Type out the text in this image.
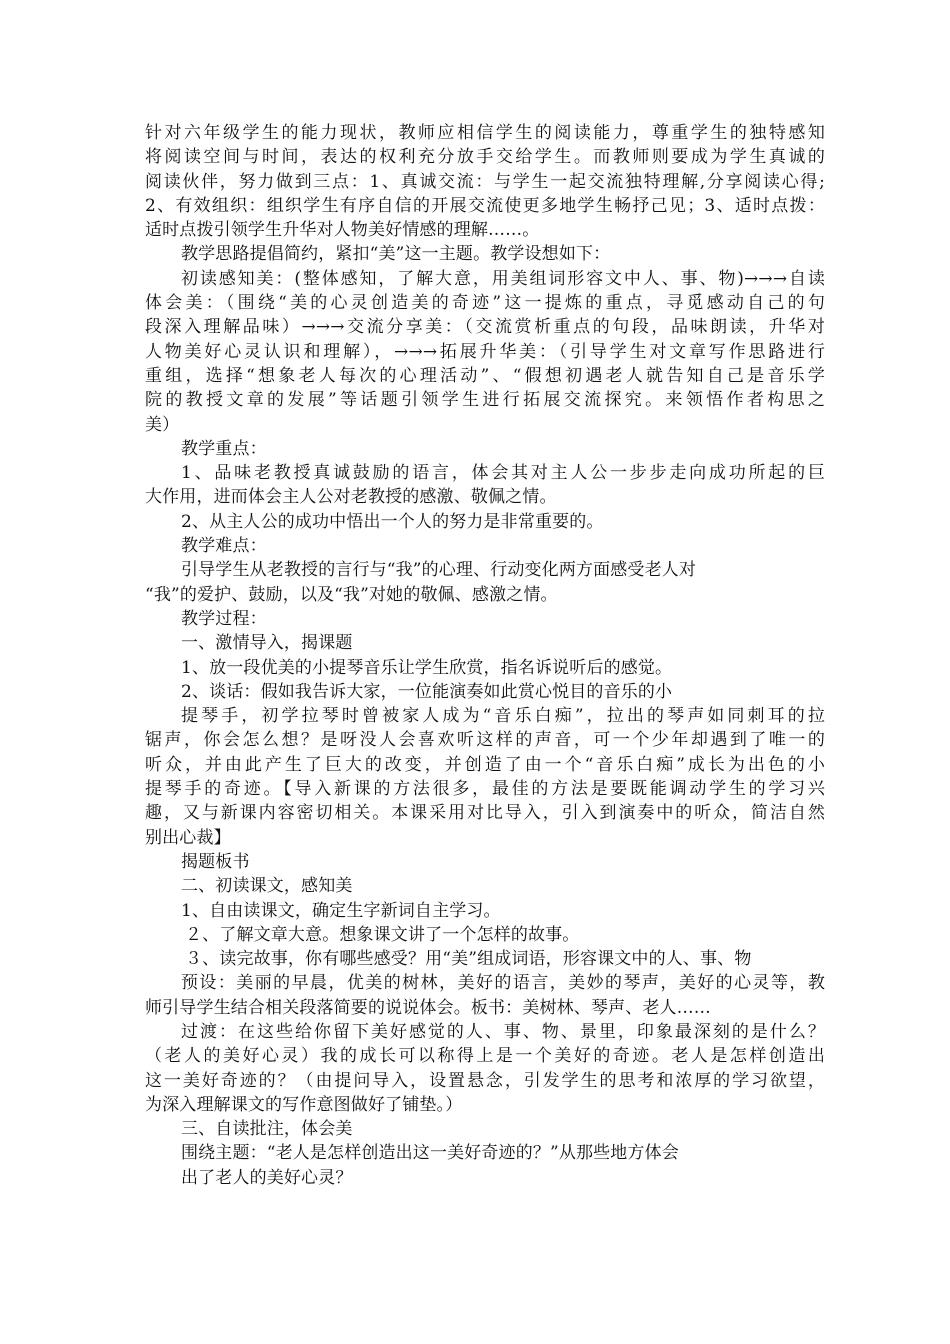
针对六年级学生的能力现状，教师应相信学生的阅读能力，尊重学生的独特感知
将阅读空间与时间，表达的权利充分放手交给学生。而教师则要成为学生真诚的
阅读伙伴，努力做到三点：1、真诚交流：与学生一起交流独特理解,分享阅读心得;
2、有效组织：组织学生有序自信的开展交流使更多地学生畅抒己见；3、适时点拨：
适时点拨引领学生升华对人物美好情感的理解……。
教学思路提倡简约，紧扣“美”这一主题。教学设想如下：
初读感知美：(整体感知，了解大意，用美组词形容文中人、事、物)→→→自读
体会美：（围绕“美的心灵创造美的奇迹”这一提炼的重点，寻觅感动自己的句
段深入理解品味）→→→交流分享美：（交流赏析重点的句段，品味朗读，升华对
人物美好心灵认识和理解），→→→拓展升华美：（引导学生对文章写作思路进行
重组，选择“想象老人每次的心理活动”、“假想初遇老人就告知自己是音乐学
院的教授文章的发展”等话题引领学生进行拓展交流探究。来领悟作者构思之
美）
教学重点：
1、品味老教授真诚鼓励的语言，体会其对主人公一步步走向成功所起的巨
大作用，进而体会主人公对老教授的感激、敬佩之情。
2、从主人公的成功中悟出一个人的努力是非常重要的。
教学难点：
引导学生从老教授的言行与“我”的心理、行动变化两方面感受老人对
“我”的爱护、鼓励，以及“我”对她的敬佩、感激之情。
教学过程：
一、激情导入，揭课题
1、放一段优美的小提琴音乐让学生欣赏，指名诉说听后的感觉。
2、谈话：假如我告诉大家，一位能演奏如此赏心悦目的音乐的小
提琴手，初学拉琴时曾被家人成为“音乐白痴”，拉出的琴声如同刺耳的拉
锯声，你会怎么想？是呀没人会喜欢听这样的声音，可一个少年却遇到了唯一的
听众，并由此产生了巨大的改变，并创造了由一个“音乐白痴”成长为出色的小
提琴手的奇迹。【导入新课的方法很多，最佳的方法是要既能调动学生的学习兴
趣，又与新课内容密切相关。本课采用对比导入，引入到演奏中的听众，简洁自然
别出心裁】
揭题板书
二、初读课文，感知美
1、自由读课文，确定生字新词自主学习。
２、了解文章大意。想象课文讲了一个怎样的故事。
３、读完故事，你有哪些感受？用“美”组成词语，形容课文中的人、事、物
预设：美丽的早晨，优美的树林，美好的语言，美妙的琴声，美好的心灵等，教
师引导学生结合相关段落简要的说说体会。板书：美树林、琴声、老人……
过渡：在这些给你留下美好感觉的人、事、物、景里，印象最深刻的是什么？
（老人的美好心灵）我的成长可以称得上是一个美好的奇迹。老人是怎样创造出
这一美好奇迹的？（由提问导入，设置悬念，引发学生的思考和浓厚的学习欲望，
为深入理解课文的写作意图做好了铺垫。）
三、自读批注，体会美
围绕主题：“老人是怎样创造出这一美好奇迹的？”从那些地方体会
出了老人的美好心灵？
